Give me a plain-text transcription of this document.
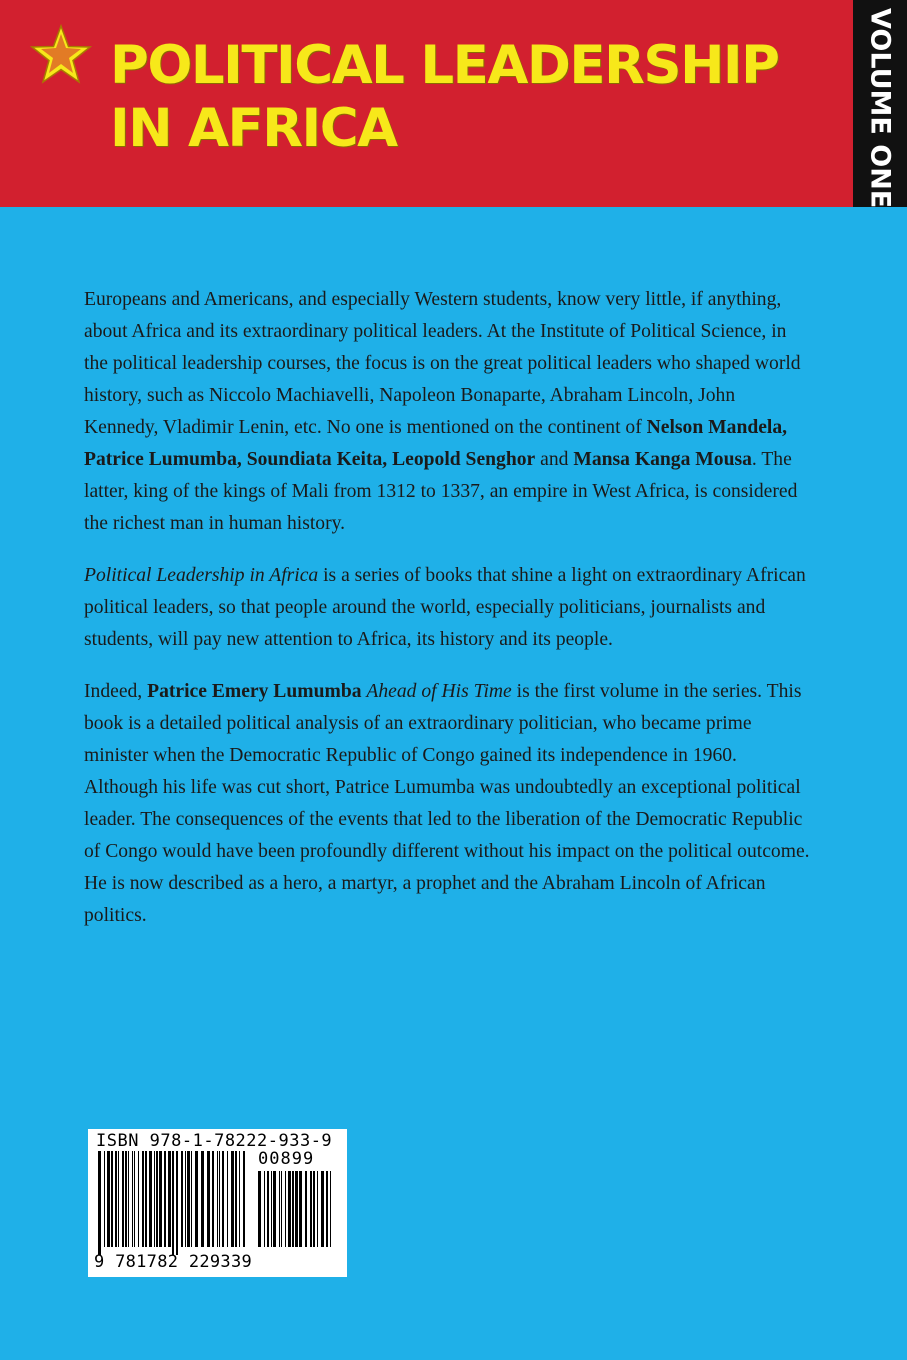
POLITICAL LEADERSHIP
IN AFRICA	VOLUME ONE

Europeans and Americans, and especially Western students, know very little, if anything, about Africa and its extraordinary political leaders. At the Institute of Political Science, in the political leadership courses, the focus is on the great political leaders who shaped world history, such as Niccolo Machiavelli, Napoleon Bonaparte, Abraham Lincoln, John Kennedy, Vladimir Lenin, etc. No one is mentioned on the continent of Nelson Mandela, Patrice Lumumba, Soundiata Keita, Leopold Senghor and Mansa Kanga Mousa. The latter, king of the kings of Mali from 1312 to 1337, an empire in West Africa, is considered the richest man in human history.

Political Leadership in Africa is a series of books that shine a light on extraordinary African political leaders, so that people around the world, especially politicians, journalists and students, will pay new attention to Africa, its history and its people.

Indeed, Patrice Emery Lumumba Ahead of His Time is the first volume in the series. This book is a detailed political analysis of an extraordinary politician, who became prime minister when the Democratic Republic of Congo gained its independence in 1960. Although his life was cut short, Patrice Lumumba was undoubtedly an exceptional political leader. The consequences of the events that led to the liberation of the Democratic Republic of Congo would have been profoundly different without his impact on the political outcome. He is now described as a hero, a martyr, a prophet and the Abraham Lincoln of African politics.

ISBN 978-1-78222-933-9
00899
9 781782 229339
